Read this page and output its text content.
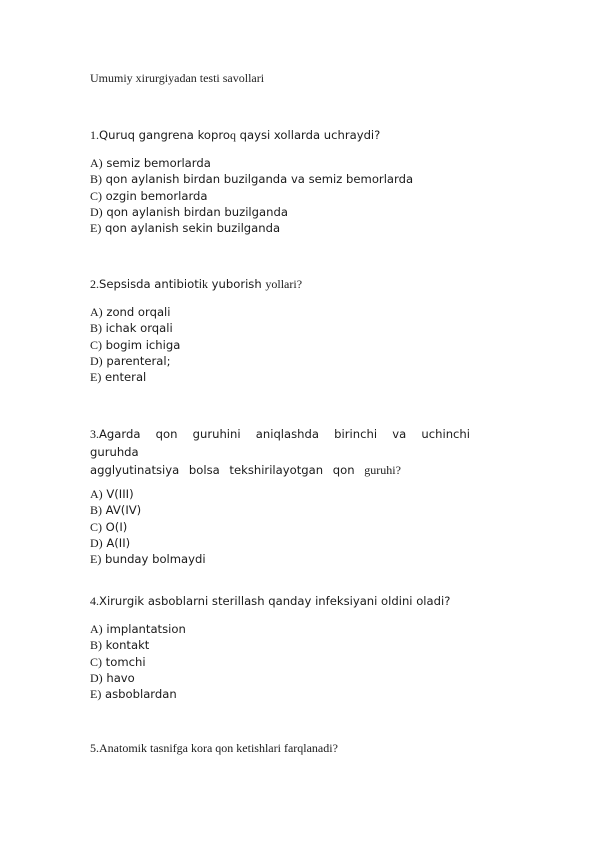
Umumiy xirurgiyadan testi savollari
1.Quruq gangrena koproq qaysi xollarda uchraydi?
A) semiz bemorlarda
B) qon aylanish birdan buzilganda va semiz bemorlarda
C) ozgin bemorlarda
D) qon aylanish birdan buzilganda
E) qon aylanish sekin buzilganda
2.Sepsisda antibiotik yuborish yollari?
A) zond orqali
B) ichak orqali
C) bogim ichiga
D) parenteral;
E) enteral
3.Agarda qon guruhini aniqlashda birinchi va uchinchi guruhda
agglyutinatsiya bolsa tekshirilayotgan qon guruhi?
A) V(III)
B) AV(IV)
C) O(I)
D) A(II)
E) bunday bolmaydi
4.Xirurgik asboblarni sterillash qanday infeksiyani oldini oladi?
A) implantatsion
B) kontakt
C) tomchi
D) havo
E) asboblardan
5.Anatomik tasnifga kora qon ketishlari farqlanadi?
